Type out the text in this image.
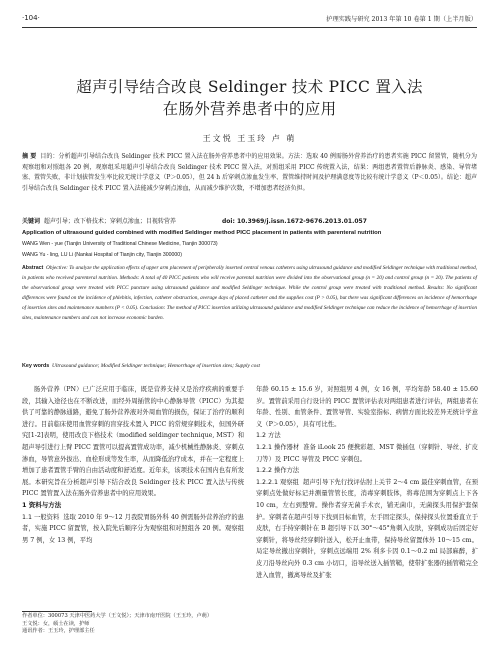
·104·	护理实践与研究 2013 年第 10 卷第 1 期（上半月版）
超声引导结合改良 Seldinger 技术 PICC 置入法
在肠外营养患者中的应用
王文悦 王玉玲 卢 萌
摘 要 目的：分析超声引导结合改良 Seldinger 技术 PICC 置入法在肠外营养患者中的应用效果。方法：选取 40 例需肠外营养治疗的患者实施 PICC 留置管，随机分为观察组和对照组各 20 例，观察组采用超声引导结合改良 Seldinger 技术 PICC 置入法，对照组采用 PICC 传统置入法，结果：两组患者置管后静脉炎、感染、导管堵塞、置管失败，非计划拔管发生率比较无统计学意义（P＞0.05），但 24 h 后穿刺点渗血发生率、置管维持时间及护理满意度等比较有统计学意义（P＜0.05）。结论：超声引导结合改良 Seldinger 技术 PICC 置入法能减少穿刺点渗血，从而减少维护次数，不增加患者经济负担。
关键词 超声引导；改下格技术；穿刺点渗血；目视转营养	doi: 10.3969/j.issn.1672-9676.2013.01.057
Application of ultrasound guided combined with modified Seldinger method PICC placement in patients with parenteral nutrition
WANG Wen - yue (Tianjin University of Traditional Chinese Medicine, Tianjin 300073)
WANG Yu - ling, LU Li (Nankai Hospital of Tianjin city, Tianjin 300000)
Abstract Objective: To analyze the application effects of upper arm placement of peripherally inserted central venous catheters using ultrasound guidance and modified Seldinger technique with traditional method, in patients who received parenteral nutrition. Methods: A total of 40 PICC patients who will receive parental nutrition were divided into the observational group (n = 20) and control group (n = 20). The patients of the observational group were treated with PICC puncture using ultrasound guidance and modified Seldinger technique. While the control group were treated with traditional method. Results: No significant differences were found on the incidence of phlebitis, infection, catheter obstruction, average days of placed catheter and the supplies cost (P > 0.05), but there was significant differences on incidence of hemorrhage of insertion sites and maintenance numbers (P < 0.05). Conclusion: The method of PICC insertion utilizing ultrasound guidance and modified Seldinger technique can reduce the incidence of hemorrhage of insertion sites, maintenance numbers and can not increase economic burden.
Key words Ultrasound guidance; Modified Seldinger technique; Hemorrhage of insertion sites; Supply cost

肠外营养（PN）已广泛应用于临床，既是营养支持又是治疗疾病的重要手段，其输入途径也在不断改进，而经外周插管的中心静脉导管（PICC）为其提供了可靠的静脉通路，避免了肠外营养液对外周血管的损伤，保证了治疗的顺利进行。目前临床使用血管穿刺的盲穿技术置入 PICC 的常规穿刺技术，但国外研究[1-2]表明，使用改良下格技术（modified seldinger technique, MST）和超声导引进行上臂 PICC 置管可以提高置管成功率，减少机械性静脉炎、穿刺点渗血，导管意外拔出、血栓形成等发生率，从而降低治疗成本，并在一定程度上增加了患者置管手臂的自由活动度和舒适度。近年来，该项技术在国内也有所发展。本研究旨在分析超声引导下结合改良 Seldinger 技术 PICC 置入法与传统 PICC 置管置入法在肠外营养患者中的应用效果。

1 资料与方法

1.1 一般资料 选取 2010 年 9～12 月我院胃肠外科 40 例需肠外营养治疗的患者，实施 PICC 留置管，按入院先后顺序分为观察组和对照组各 20 例。观察组男 7 例，女 13 例，平均

年龄 60.15 ± 15.6 岁，对照组男 4 例，女 16 例，平均年龄 58.40 ± 15.60 岁。置管前采用自行设计的 PICC 置管评估表对两组患者进行评估，两组患者在年龄、性别、血管条件、置管导管、实验室指标、病情方面比较差异无统计学意义（P＞0.05），具有可比性。

1.2 方法

1.2.1 操作器材 准备 iLook 25 便携彩超、MST 微插包（穿刺针、导丝、扩皮刀等）及 PICC 导管及 PICC 穿刺包。

1.2.2 操作方法

1.2.2.1 观察组 超声引导下先行找评估肘上关节 2～4 cm 最佳穿刺血管，在预穿刺点处做好标记并测量管管长度，消毒穿刺肢体，将毒范围为穿刺点上下各 10 cm，左右到整臂。操作者穿无菌手术衣，铺无菌巾，无菌探头用保护套保护。穿刺者在超声引导下找到目标血管，左手固定探头，保持探头位置垂直立于皮肤，右手持穿刺针在 B 超引导下以 30°～45°角刺入皮肤，穿刺成功后固定好穿刺针，将导丝经穿刺针送入，松开止血带，保持导丝留置体外 10～15 cm。局定导丝撤出穿刺针，穿刺点远端用 2% 利多卡因 0.1～0.2 ml 局部麻醉，扩皮刀沿导丝向外 0.3 cm 小切口，沿导丝送入插管鞘，使带扩张器的插管鞘完全进入血管，撤离导丝及扩张

作者单位：300073 天津中医药大学（王文悦）；天津市南开医院（王玉玲，卢萌）
王文悦：女，硕士在读，护师
通讯作者：王玉玲，护理部主任
